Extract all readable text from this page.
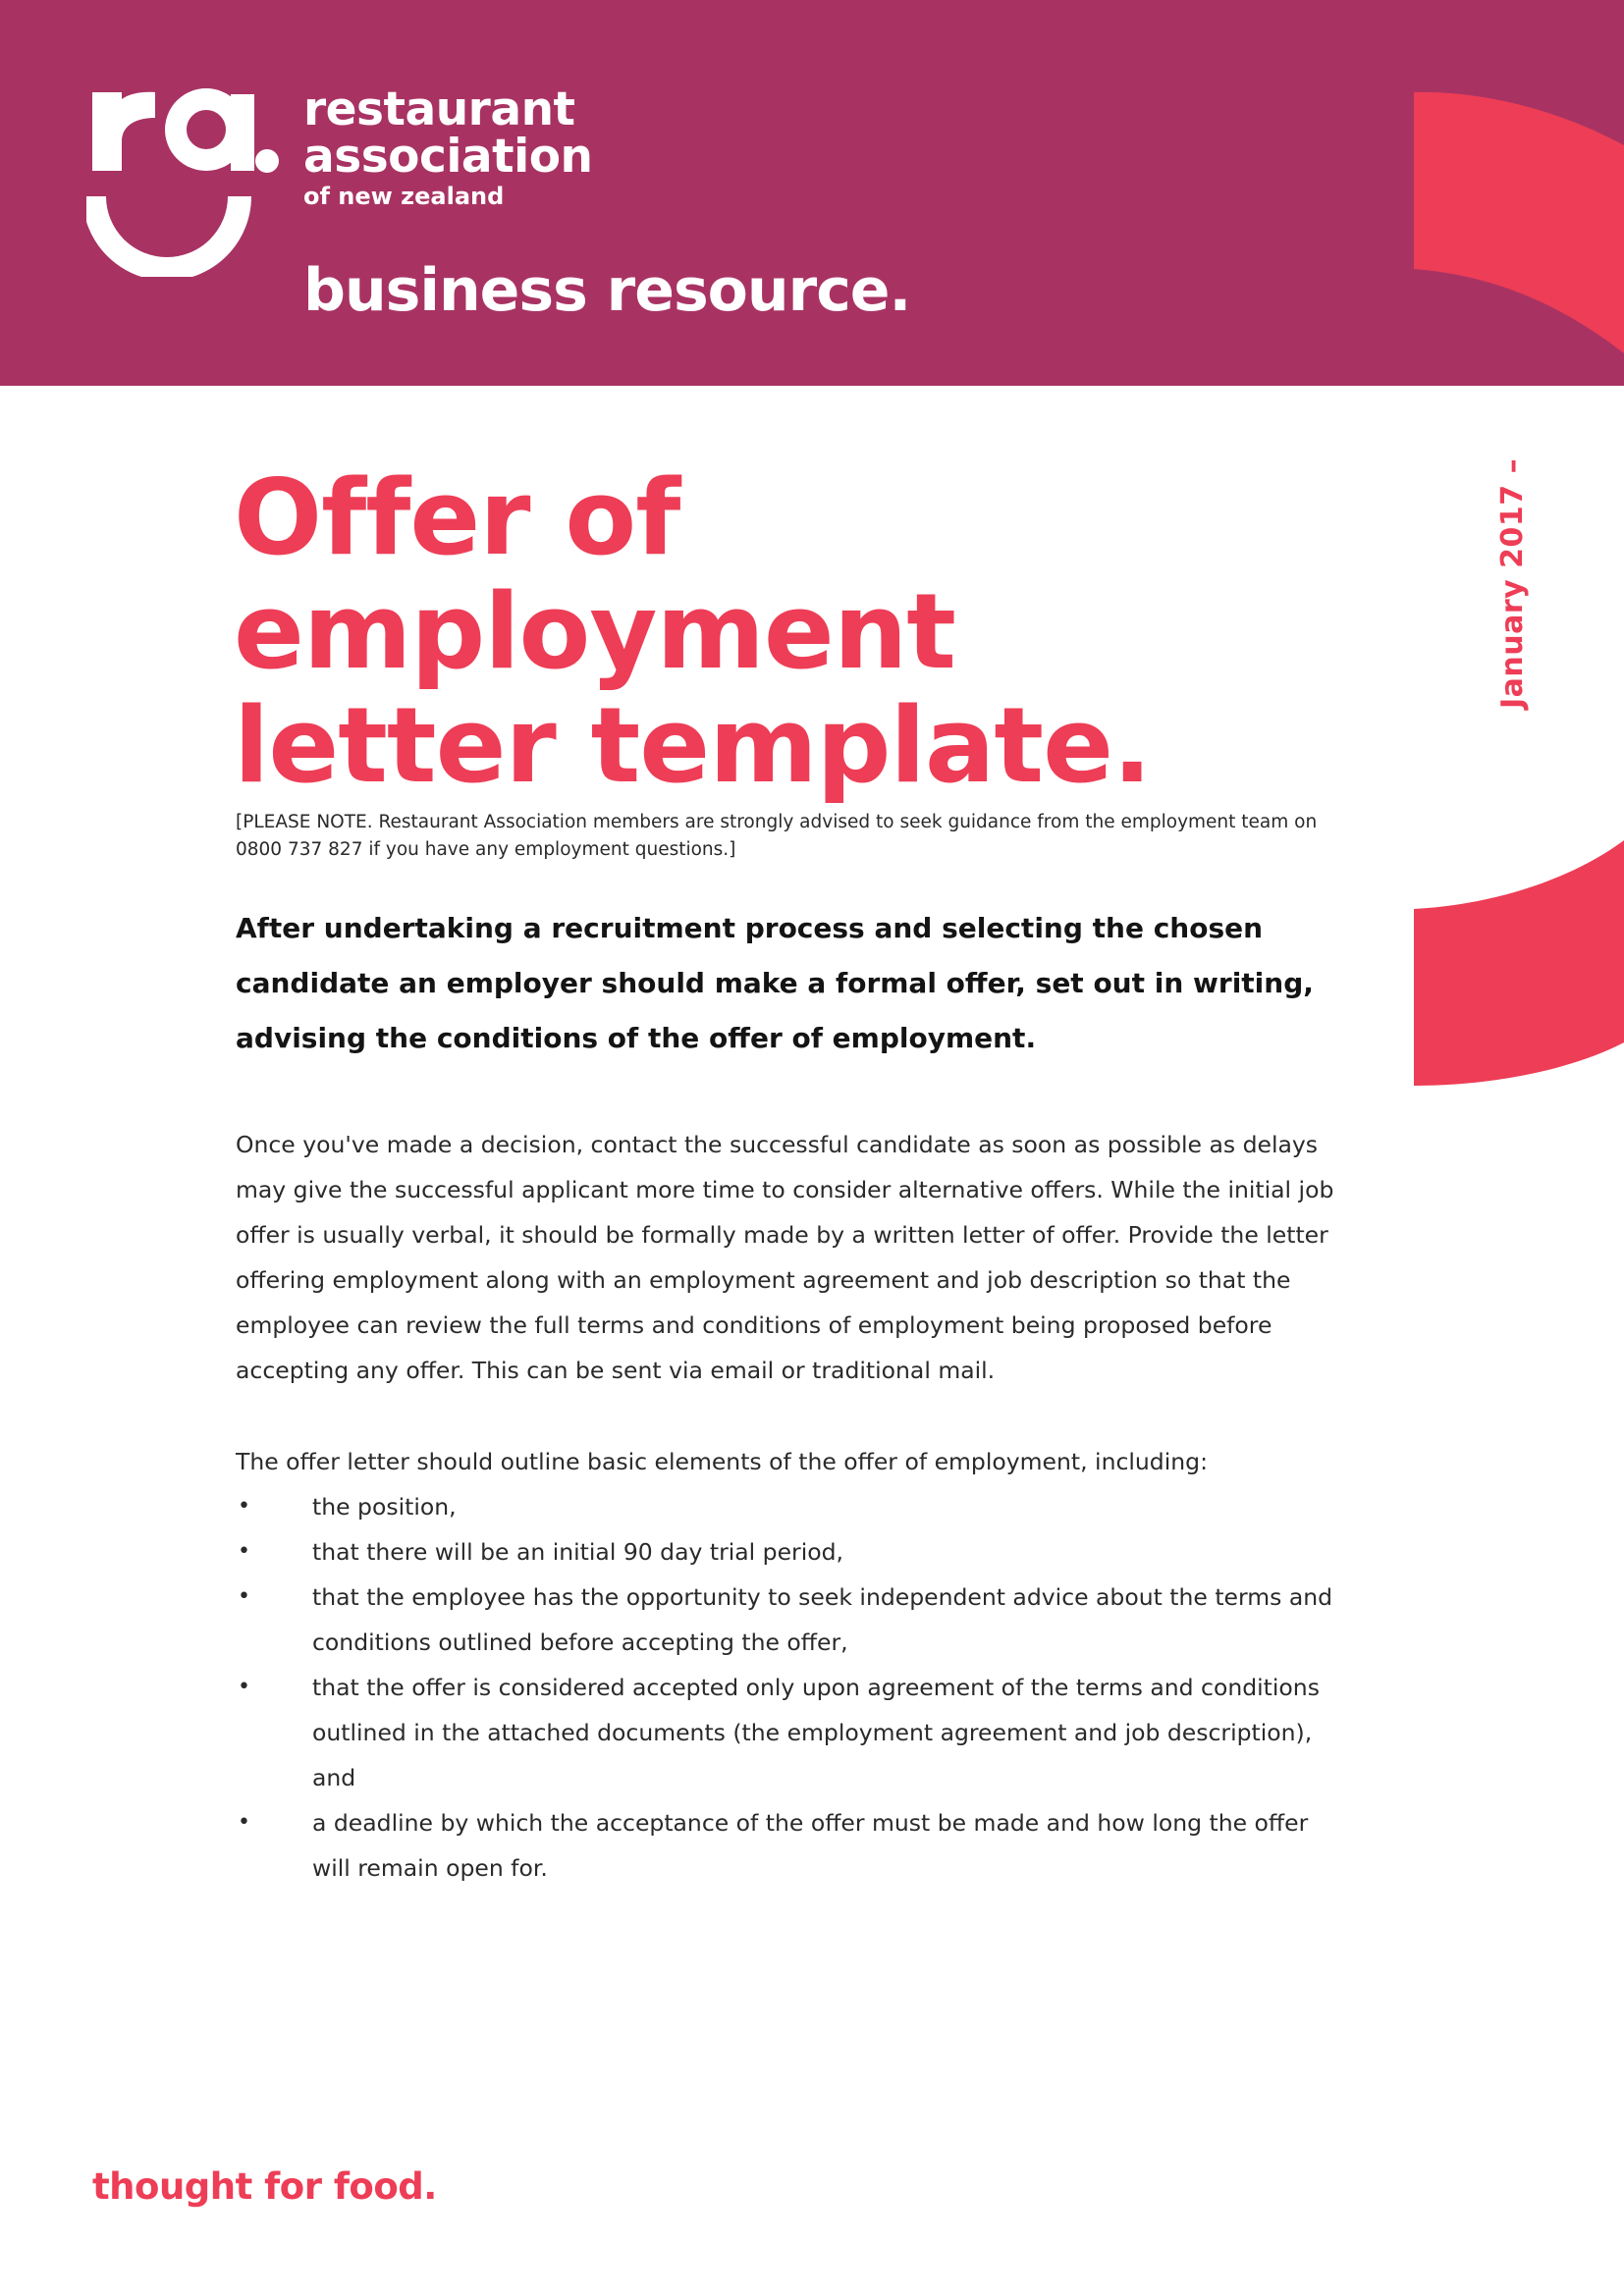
restaurant
association
of new zealand
business resource.
January 2017 –
Offer of employment
letter template.

[PLEASE NOTE. Restaurant Association members are strongly advised to seek guidance from the employment team on 0800 737 827 if you have any employment questions.]

After undertaking a recruitment process and selecting the chosen candidate an employer should make a formal offer, set out in writing, advising the conditions of the offer of employment.

Once you've made a decision, contact the successful candidate as soon as possible as delays may give the successful applicant more time to consider alternative offers. While the initial job offer is usually verbal, it should be formally made by a written letter of offer. Provide the letter offering employment along with an employment agreement and job description so that the employee can review the full terms and conditions of employment being proposed before accepting any offer. This can be sent via email or traditional mail.

The offer letter should outline basic elements of the offer of employment, including:

•	the position,
•	that there will be an initial 90 day trial period,
•	that the employee has the opportunity to seek independent advice about the terms and conditions outlined before accepting the offer,
•	that the offer is considered accepted only upon agreement of the terms and conditions outlined in the attached documents (the employment agreement and job description), and
•	a deadline by which the acceptance of the offer must be made and how long the offer will remain open for.
thought for food.
